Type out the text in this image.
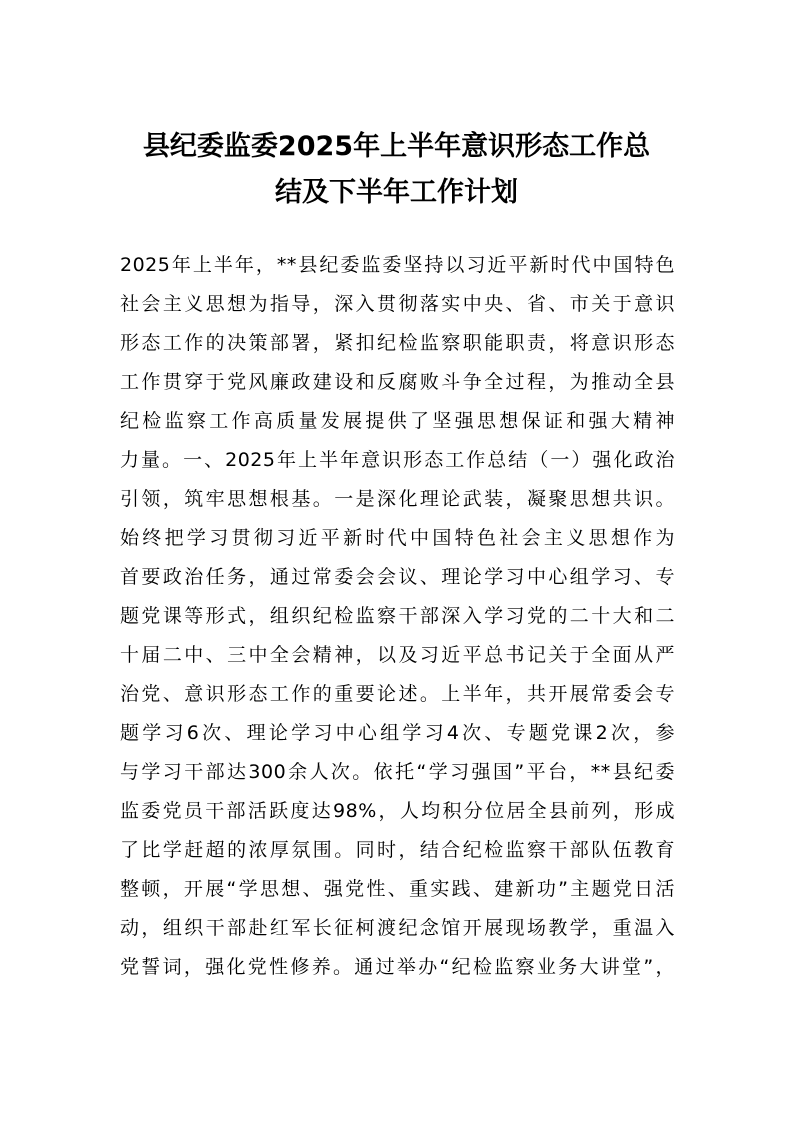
县纪委监委2025年上半年意识形态工作总
结及下半年工作计划
2025年上半年，**县纪委监委坚持以习近平新时代中国特色
社会主义思想为指导，深入贯彻落实中央、省、市关于意识
形态工作的决策部署，紧扣纪检监察职能职责，将意识形态
工作贯穿于党风廉政建设和反腐败斗争全过程，为推动全县
纪检监察工作高质量发展提供了坚强思想保证和强大精神
力量。一、2025年上半年意识形态工作总结（一）强化政治
引领，筑牢思想根基。一是深化理论武装，凝聚思想共识。
始终把学习贯彻习近平新时代中国特色社会主义思想作为
首要政治任务，通过常委会会议、理论学习中心组学习、专
题党课等形式，组织纪检监察干部深入学习党的二十大和二
十届二中、三中全会精神，以及习近平总书记关于全面从严
治党、意识形态工作的重要论述。上半年，共开展常委会专
题学习6次、理论学习中心组学习4次、专题党课2次，参
与学习干部达300余人次。依托“学习强国”平台，**县纪委
监委党员干部活跃度达98%，人均积分位居全县前列，形成
了比学赶超的浓厚氛围。同时，结合纪检监察干部队伍教育
整顿，开展“学思想、强党性、重实践、建新功”主题党日活
动，组织干部赴红军长征柯渡纪念馆开展现场教学，重温入
党誓词，强化党性修养。通过举办“纪检监察业务大讲堂”，
